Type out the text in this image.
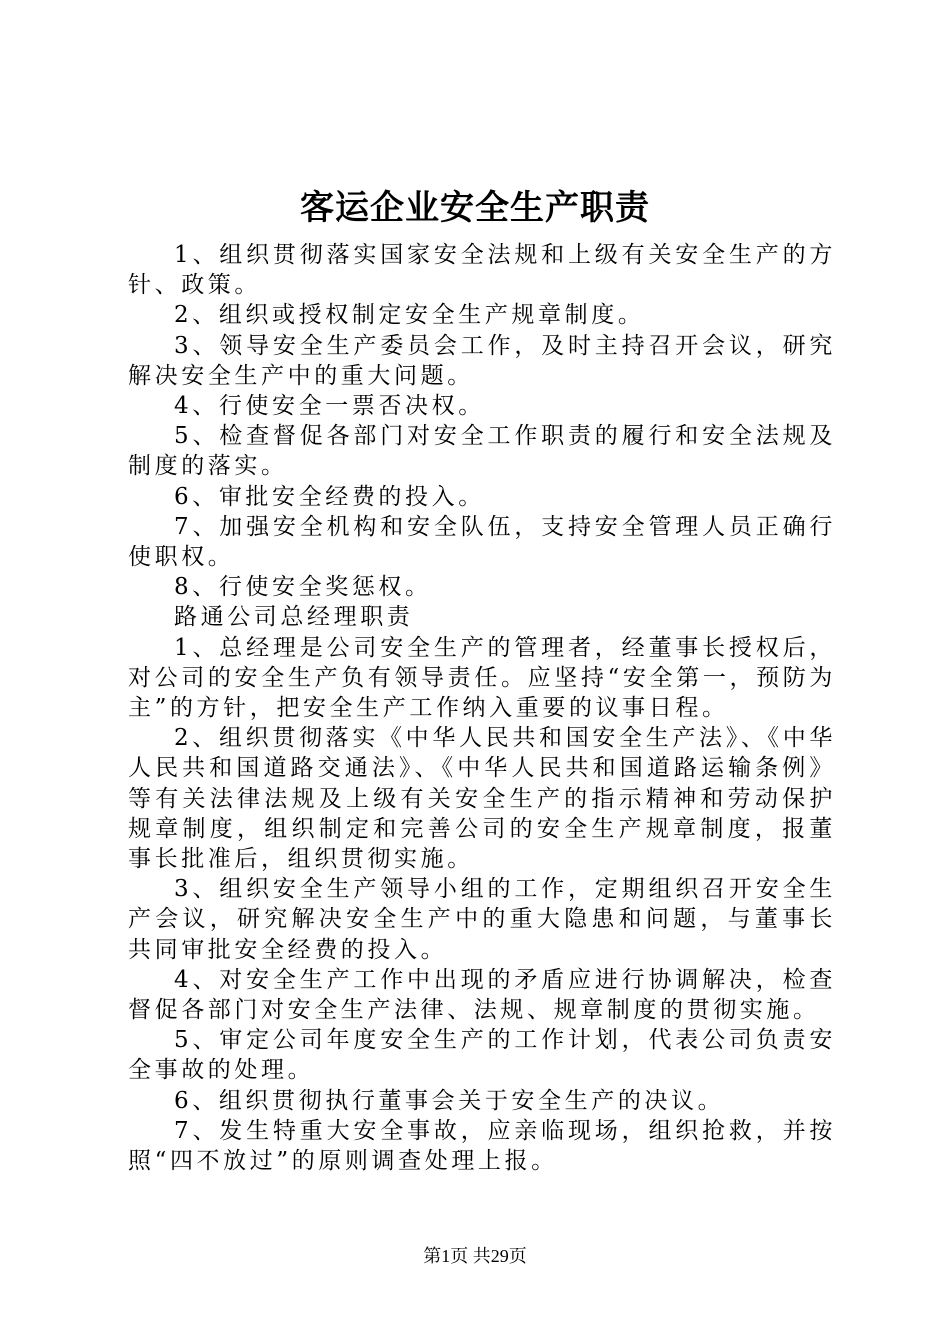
客运企业安全生产职责

1、组织贯彻落实国家安全法规和上级有关安全生产的方针、政策。

2、组织或授权制定安全生产规章制度。

3、领导安全生产委员会工作，及时主持召开会议，研究解决安全生产中的重大问题。

4、行使安全一票否决权。

5、检查督促各部门对安全工作职责的履行和安全法规及制度的落实。

6、审批安全经费的投入。

7、加强安全机构和安全队伍，支持安全管理人员正确行使职权。

8、行使安全奖惩权。

路通公司总经理职责

1、总经理是公司安全生产的管理者，经董事长授权后，对公司的安全生产负有领导责任。应坚持“安全第一，预防为主”的方针，把安全生产工作纳入重要的议事日程。

2、组织贯彻落实《中华人民共和国安全生产法》、《中华人民共和国道路交通法》、《中华人民共和国道路运输条例》等有关法律法规及上级有关安全生产的指示精神和劳动保护规章制度，组织制定和完善公司的安全生产规章制度，报董事长批准后，组织贯彻实施。

3、组织安全生产领导小组的工作，定期组织召开安全生产会议，研究解决安全生产中的重大隐患和问题，与董事长共同审批安全经费的投入。

4、对安全生产工作中出现的矛盾应进行协调解决，检查督促各部门对安全生产法律、法规、规章制度的贯彻实施。

5、审定公司年度安全生产的工作计划，代表公司负责安全事故的处理。

6、组织贯彻执行董事会关于安全生产的决议。

7、发生特重大安全事故，应亲临现场，组织抢救，并按照“四不放过”的原则调查处理上报。

第1页 共29页
